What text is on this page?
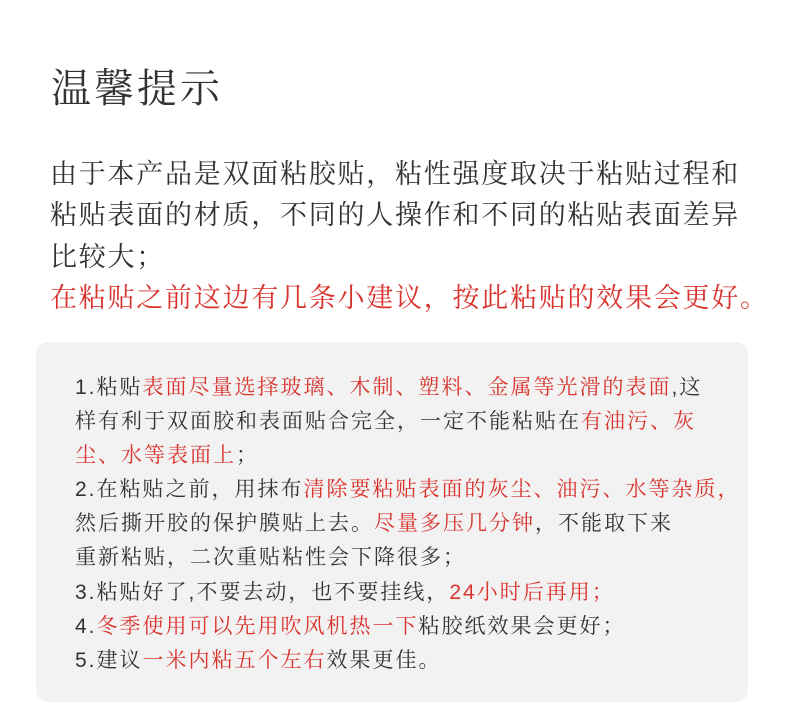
温馨提示
由于本产品是双面粘胶贴，粘性强度取决于粘贴过程和
粘贴表面的材质，不同的人操作和不同的粘贴表面差异
比较大；
在粘贴之前这边有几条小建议，按此粘贴的效果会更好。
1. 粘贴 表面尽量选择玻璃、木制、塑料、金属等光滑的表面 ,这
样有利于双面胶和表面贴合完全，一定不能粘贴在 有油污、灰
尘、水等表面上 ；
2. 在粘贴之前，用抹布 清除要粘贴表面的灰尘、油污、水等杂质，
然后撕开胶的保护膜贴上去。 尽量多压几分钟 ，不能取下来
重新粘贴，二次重贴粘性会下降很多；
3. 粘贴好了,不要去动，也不要挂线， 24小时后再用；
4. 冬季使用可以先用吹风机热一下 粘胶纸效果会更好；
5. 建议 一米内粘五个左右 效果更佳。
